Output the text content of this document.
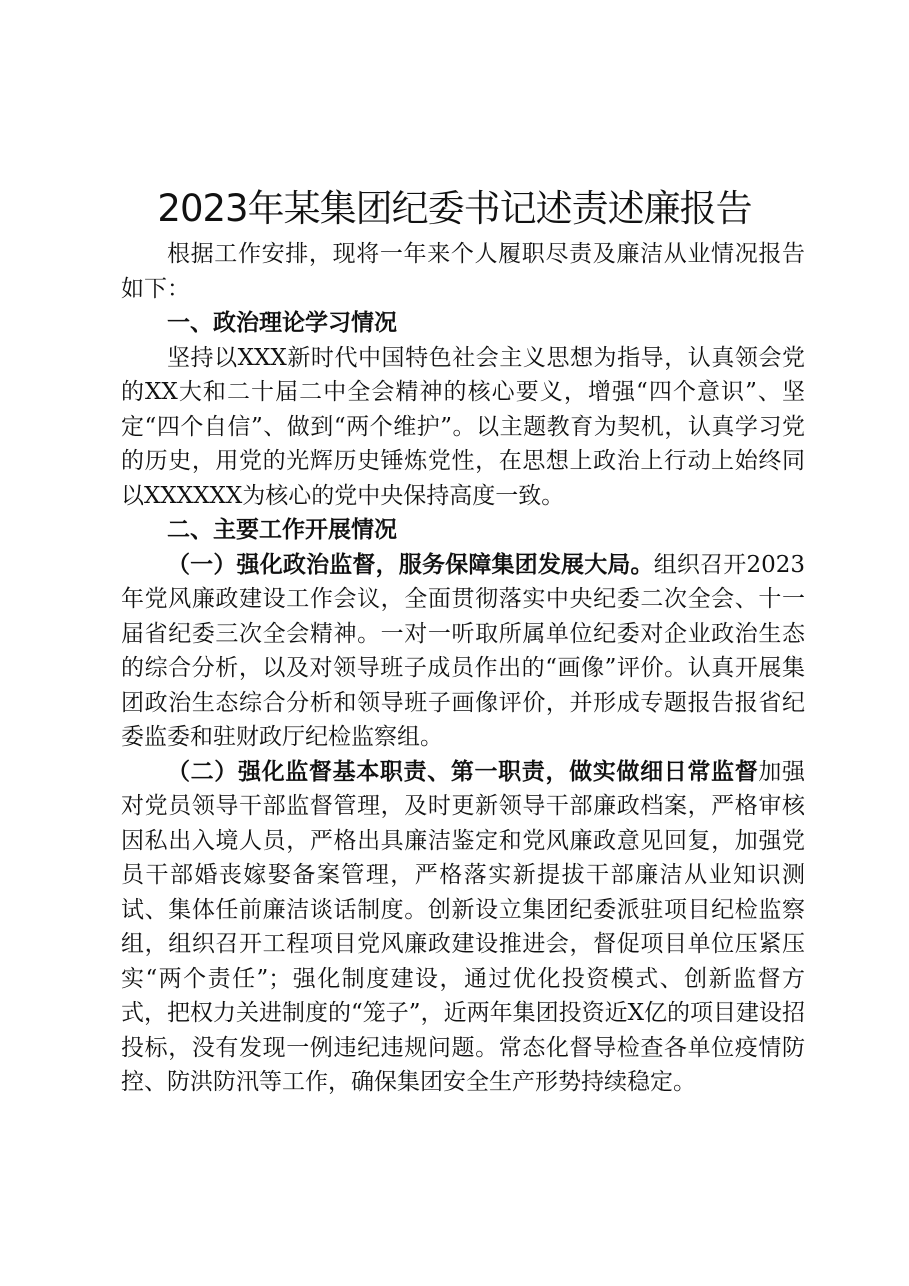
2023年某集团纪委书记述责述廉报告

根据工作安排，现将一年来个人履职尽责及廉洁从业情况报告如下：

一、政治理论学习情况

坚持以XXX新时代中国特色社会主义思想为指导，认真领会党的XX大和二十届二中全会精神的核心要义，增强“四个意识”、坚定“四个自信”、做到“两个维护”。以主题教育为契机，认真学习党的历史，用党的光辉历史锤炼党性，在思想上政治上行动上始终同以XXXXXX为核心的党中央保持高度一致。

二、主要工作开展情况

（一）强化政治监督，服务保障集团发展大局。组织召开2023年党风廉政建设工作会议，全面贯彻落实中央纪委二次全会、十一届省纪委三次全会精神。一对一听取所属单位纪委对企业政治生态的综合分析，以及对领导班子成员作出的“画像”评价。认真开展集团政治生态综合分析和领导班子画像评价，并形成专题报告报省纪委监委和驻财政厅纪检监察组。

（二）强化监督基本职责、第一职责，做实做细日常监督加强对党员领导干部监督管理，及时更新领导干部廉政档案，严格审核因私出入境人员，严格出具廉洁鉴定和党风廉政意见回复，加强党员干部婚丧嫁娶备案管理，严格落实新提拔干部廉洁从业知识测试、集体任前廉洁谈话制度。创新设立集团纪委派驻项目纪检监察组，组织召开工程项目党风廉政建设推进会，督促项目单位压紧压实“两个责任”；强化制度建设，通过优化投资模式、创新监督方式，把权力关进制度的“笼子”，近两年集团投资近X亿的项目建设招投标，没有发现一例违纪违规问题。常态化督导检查各单位疫情防控、防洪防汛等工作，确保集团安全生产形势持续稳定。
